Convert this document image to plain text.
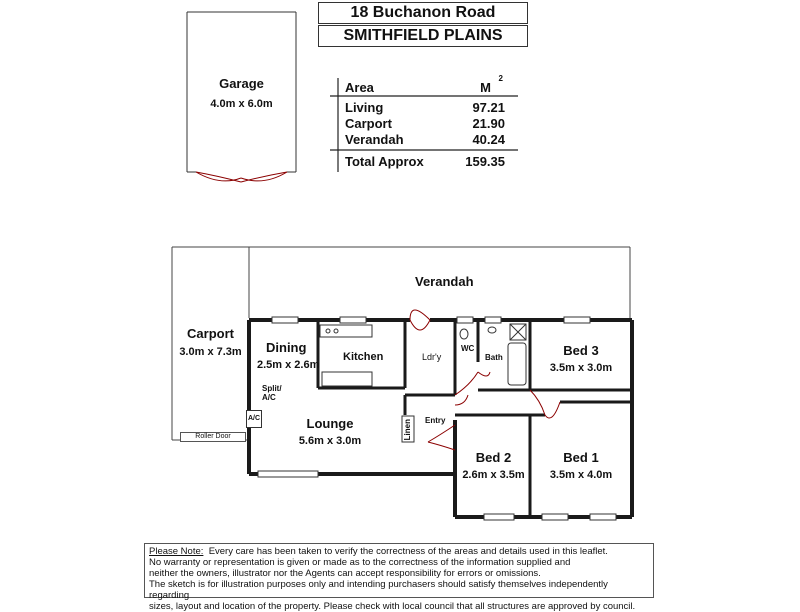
18 Buchanon Road
SMITHFIELD PLAINS
Area	M
2
Living	97.21
Carport	21.90
Verandah	40.24
Total Approx	159.35
Garage
4.0m x 6.0m
Verandah
Carport
3.0m x 7.3m
Roller Door
Dining
2.5m x 2.6m
Kitchen	Ldr'y
WC
Bath	Bed 3
3.5m x 3.0m
Split/
A/C
A/C	Lounge
5.6m x 3.0m
Linen Entry
Bed 2
2.6m x 3.5m
Bed 1
3.5m x 4.0m
Please Note: Every care has been taken to verify the correctness of the areas and details used in this leaflet.
No warranty or representation is given or made as to the correctness of the information supplied and
neither the owners, illustrator nor the Agents can accept responsibility for errors or omissions.
The sketch is for illustration purposes only and intending purchasers should satisfy themselves independently regarding
sizes, layout and location of the property. Please check with local council that all structures are approved by council.
